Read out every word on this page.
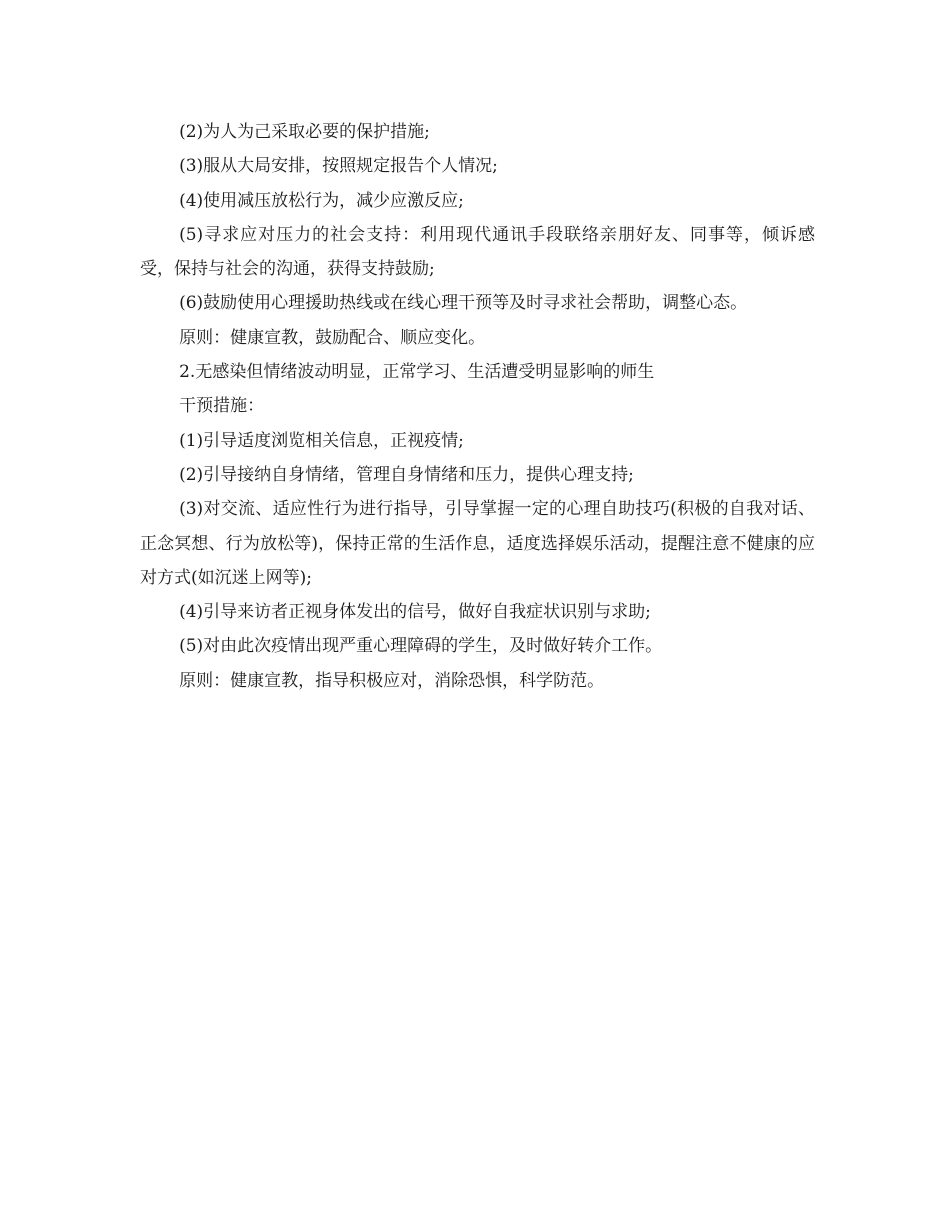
(2)为人为己采取必要的保护措施;

(3)服从大局安排，按照规定报告个人情况;

(4)使用减压放松行为，减少应激反应;

(5)寻求应对压力的社会支持：利用现代通讯手段联络亲朋好友、同事等，倾诉感受，保持与社会的沟通，获得支持鼓励;

(6)鼓励使用心理援助热线或在线心理干预等及时寻求社会帮助，调整心态。

原则：健康宣教，鼓励配合、顺应变化。

2.无感染但情绪波动明显，正常学习、生活遭受明显影响的师生

干预措施：

(1)引导适度浏览相关信息，正视疫情;

(2)引导接纳自身情绪，管理自身情绪和压力，提供心理支持;

(3)对交流、适应性行为进行指导，引导掌握一定的心理自助技巧(积极的自我对话、正念冥想、行为放松等)，保持正常的生活作息，适度选择娱乐活动，提醒注意不健康的应对方式(如沉迷上网等);

(4)引导来访者正视身体发出的信号，做好自我症状识别与求助;

(5)对由此次疫情出现严重心理障碍的学生，及时做好转介工作。

原则：健康宣教，指导积极应对，消除恐惧，科学防范。
